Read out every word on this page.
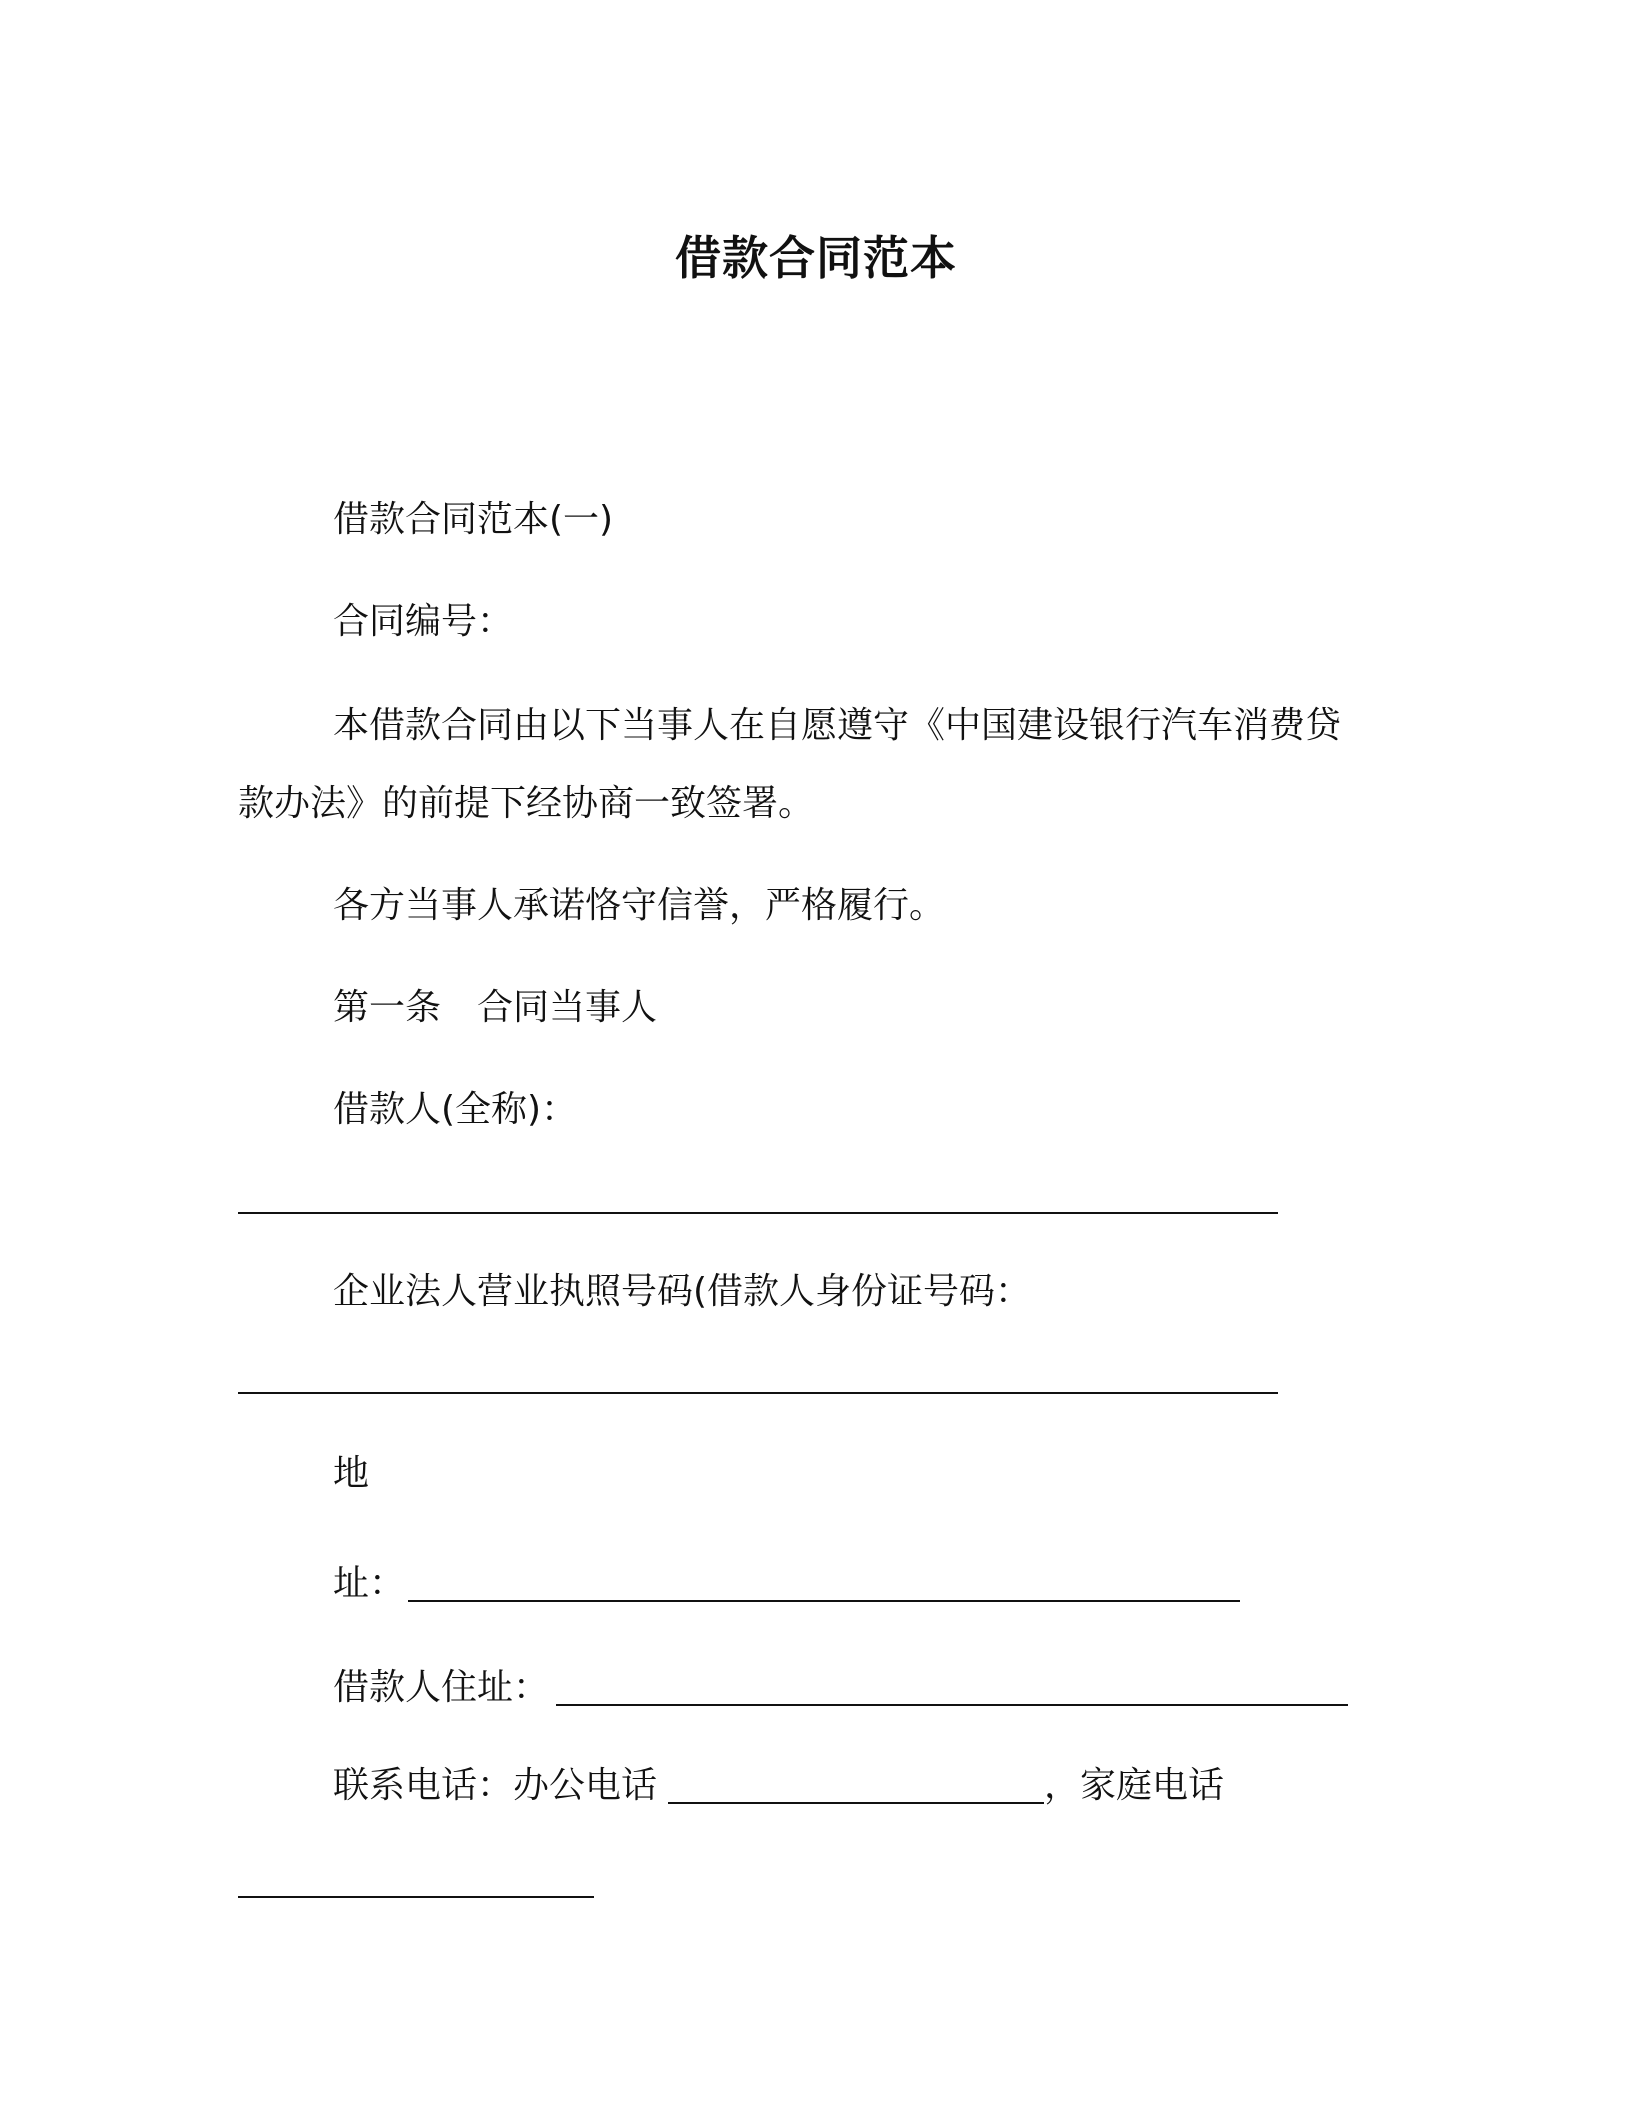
借款合同范本
借款合同范本(一)
合同编号：
本借款合同由以下当事人在自愿遵守《中国建设银行汽车消费贷
款办法》的前提下经协商一致签署。
各方当事人承诺恪守信誉，严格履行。
第一条　合同当事人
借款人(全称)：
企业法人营业执照号码(借款人身份证号码：
地
址：
借款人住址：
联系电话：办公电话	，家庭电话
